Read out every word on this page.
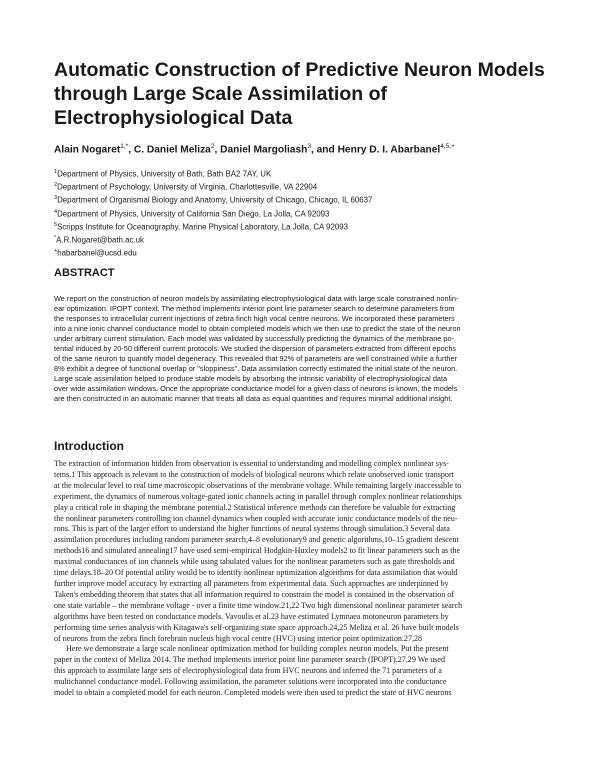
Automatic Construction of Predictive Neuron Models through Large Scale Assimilation of Electrophysiological Data
Alain Nogaret$^{1,*}$, C. Daniel Meliza$^2$, Daniel Margoliash$^3$, and Henry D. I. Abarbanel$^{4,5,+}$
$^1$Department of Physics, University of Bath, Bath BA2 7AY, UK
$^2$Department of Psychology, University of Virginia, Charlottesville, VA 22904
$^3$Department of Organismal Biology and Anatomy, University of Chicago, Chicago, IL 60637
$^4$Department of Physics, University of California San Diego, La Jolla, CA 92093
$^5$Scripps Institute for Oceanography, Marine Physical Laboratory, La Jolla, CA 92093
*A.R.Nogaret@bath.ac.uk
+habarbanel@ucsd.edu
ABSTRACT
We report on the construction of neuron models by assimilating electrophysiological data with large scale constrained nonlin-
ear optimization. IPOPT context. The method implements interior point line parameter search to determine parameters from
the responses to intracellular current injections of zebra finch high vocal centre neurons. We incorporated these parameters
into a nine ionic channel conductance model to obtain completed models which we then use to predict the state of the neuron
under arbitrary current stimulation. Each model was validated by successfully predicting the dynamics of the membrane po-
tential induced by 20-50 different current protocols. We studied the dispersion of parameters extracted from different epochs
of the same neuron to quantify model degeneracy. This revealed that 92% of parameters are well constrained while a further
8% exhibit a degree of functional overlap or "sloppiness". Data assimilation correctly estimated the initial state of the neuron.
Large scale assimilation helped to produce stable models by absorbing the intrinsic variability of electrophysiological data
over wide assimilation windows. Once the appropriate conductance model for a given class of neurons is known, the models
are then constructed in an automatic manner that treats all data as equal quantities and requires minimal additional insight.
Introduction
The extraction of information hidden from observation is essential to understanding and modelling complex nonlinear sys-
tems.1 This approach is relevant to the construction of models of biological neurons which relate unobserved ionic transport
at the molecular level to real time macroscopic observations of the membrane voltage. While remaining largely inaccessible to
experiment, the dynamics of numerous voltage-gated ionic channels acting in parallel through complex nonlinear relationships
play a critical role in shaping the membrane potential.2 Statistical inference methods can therefore be valuable for extracting
the nonlinear parameters controlling ion channel dynamics when coupled with accurate ionic conductance models of the neu-
rons. This is part of the larger effort to understand the higher functions of neural systems through simulation.3 Several data
assimilation procedures including random parameter search,4–8 evolutionary9 and genetic algorithms,10–15 gradient descent
methods16 and simulated annealing17 have used semi-empirical Hodgkin-Huxley models2 to fit linear parameters such as the
maximal conductances of ion channels while using tabulated values for the nonlinear parameters such as gate thresholds and
time delays.18–20 Of potential utility would be to identify nonlinear optimization algorithms for data assimilation that would
further improve model accuracy by extracting all parameters from experimental data. Such approaches are underpinned by
Taken's embedding theorem that states that all information required to constrain the model is contained in the observation of
one state variable – the membrane voltage - over a finite time window.21,22 Two high dimensional nonlinear parameter search
algorithms have been tested on conductance models. Vavoulis et al.23 have estimated Lymnaea motoneuron parameters by
performing time series analysis with Kitagawa's self-organizing state space approach.24,25 Meliza et al. 26 have built models
of neurons from the zebra finch forebrain nucleus high vocal centre (HVC) using interior point optimization.27,28
Here we demonstrate a large scale nonlinear optimization method for building complex neuron models. Put the present
paper in the context of Meliza 2014. The method implements interior point line parameter search (IPOPT).27,29 We used
this approach to assimilate large sets of electrophysiological data from HVC neurons and inferred the 71 parameters of a
multichannel conductance model. Following assimilation, the parameter solutions were incorporated into the conductance
model to obtain a completed model for each neuron. Completed models were then used to predict the state of HVC neurons
